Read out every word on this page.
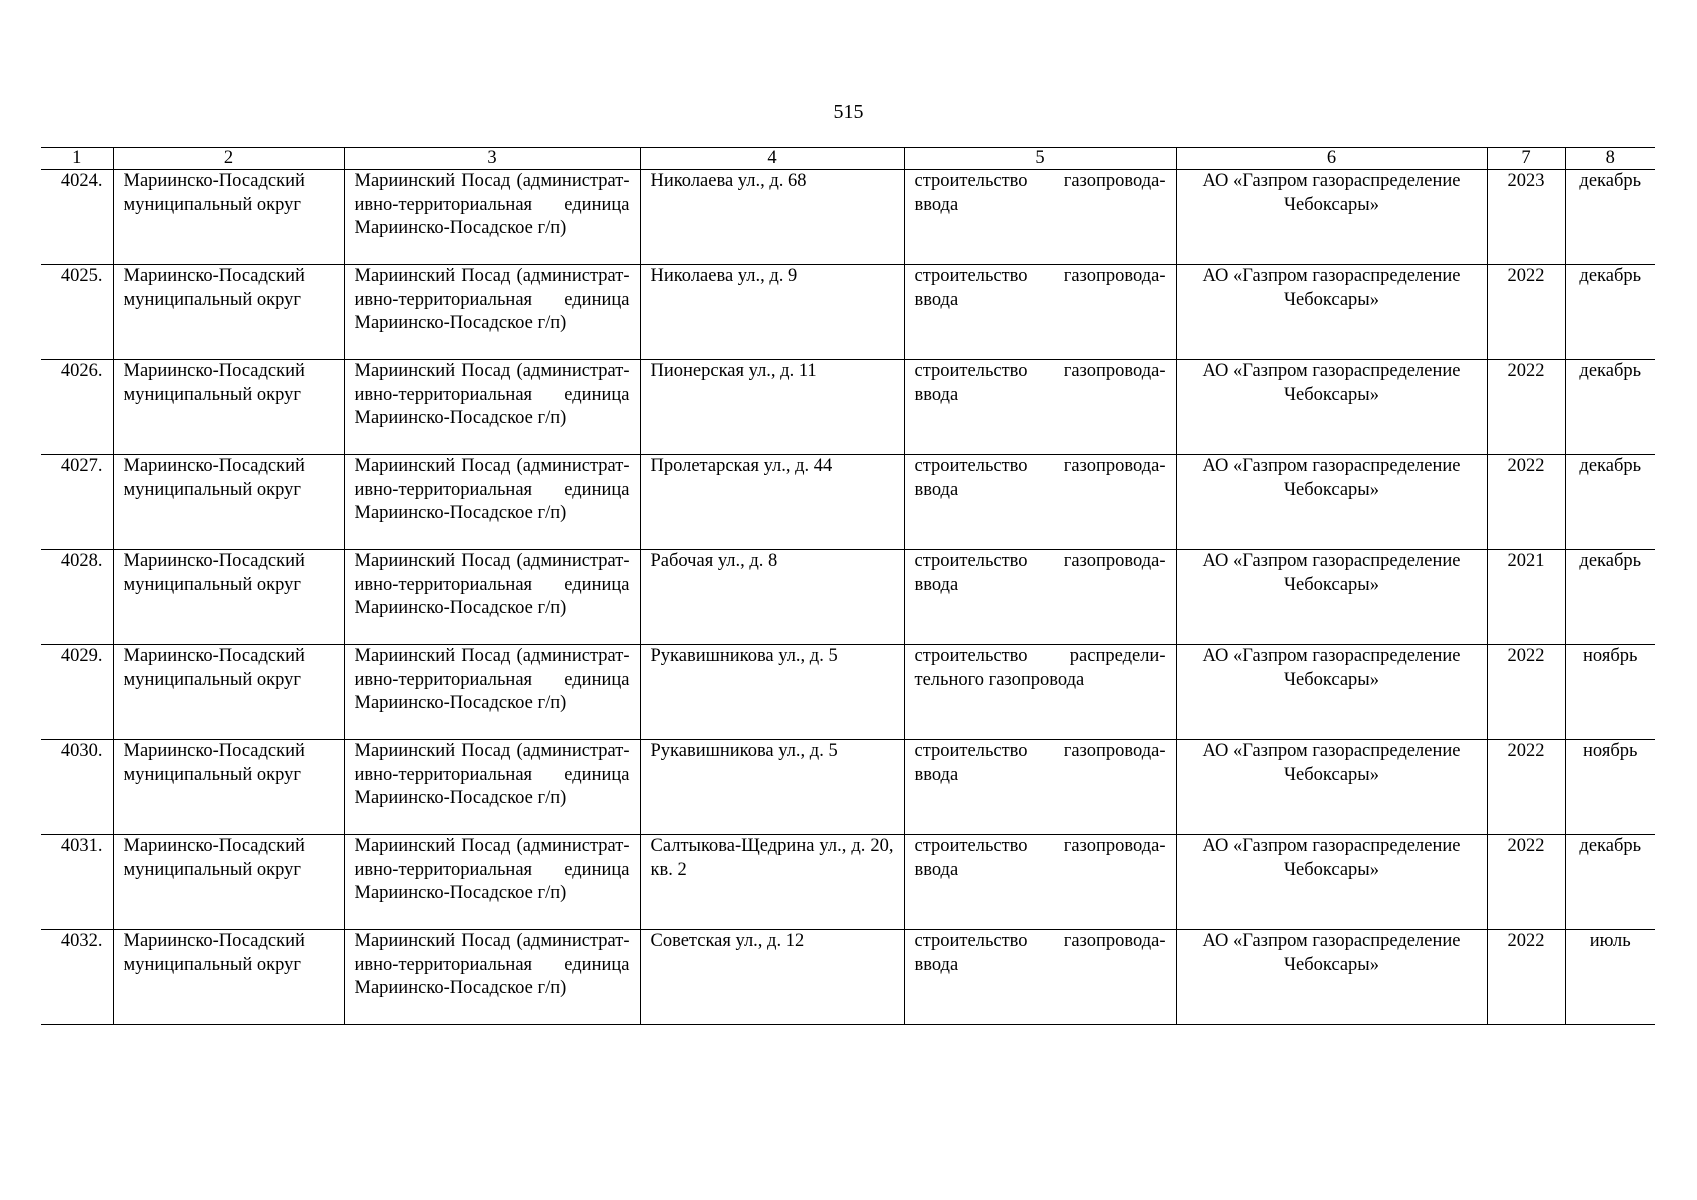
515
1	2	3	4	5	6	7	8
4024.	Мариинско-Посадский муниципальный округ	Мариинский Посад (административно-территориальная единица Мариинско-Посадское г/п)	Николаева ул., д. 68	строительство газопровода-ввода	АО «Газпром газораспределение Чебоксары»	2023	декабрь
4025.	Мариинско-Посадский муниципальный округ	Мариинский Посад (административно-территориальная единица Мариинско-Посадское г/п)	Николаева ул., д. 9	строительство газопровода-ввода	АО «Газпром газораспределение Чебоксары»	2022	декабрь
4026.	Мариинско-Посадский муниципальный округ	Мариинский Посад (административно-территориальная единица Мариинско-Посадское г/п)	Пионерская ул., д. 11	строительство газопровода-ввода	АО «Газпром газораспределение Чебоксары»	2022	декабрь
4027.	Мариинско-Посадский муниципальный округ	Мариинский Посад (административно-территориальная единица Мариинско-Посадское г/п)	Пролетарская ул., д. 44	строительство газопровода-ввода	АО «Газпром газораспределение Чебоксары»	2022	декабрь
4028.	Мариинско-Посадский муниципальный округ	Мариинский Посад (административно-территориальная единица Мариинско-Посадское г/п)	Рабочая ул., д. 8	строительство газопровода-ввода	АО «Газпром газораспределение Чебоксары»	2021	декабрь
4029.	Мариинско-Посадский муниципальный округ	Мариинский Посад (административно-территориальная единица Мариинско-Посадское г/п)	Рукавишникова ул., д. 5	строительство распределительного газопровода	АО «Газпром газораспределение Чебоксары»	2022	ноябрь
4030.	Мариинско-Посадский муниципальный округ	Мариинский Посад (административно-территориальная единица Мариинско-Посадское г/п)	Рукавишникова ул., д. 5	строительство газопровода-ввода	АО «Газпром газораспределение Чебоксары»	2022	ноябрь
4031.	Мариинско-Посадский муниципальный округ	Мариинский Посад (административно-территориальная единица Мариинско-Посадское г/п)	Салтыкова-Щедрина ул., д. 20, кв. 2	строительство газопровода-ввода	АО «Газпром газораспределение Чебоксары»	2022	декабрь
4032.	Мариинско-Посадский муниципальный округ	Мариинский Посад (административно-территориальная единица Мариинско-Посадское г/п)	Советская ул., д. 12	строительство газопровода-ввода	АО «Газпром газораспределение Чебоксары»	2022	июль
